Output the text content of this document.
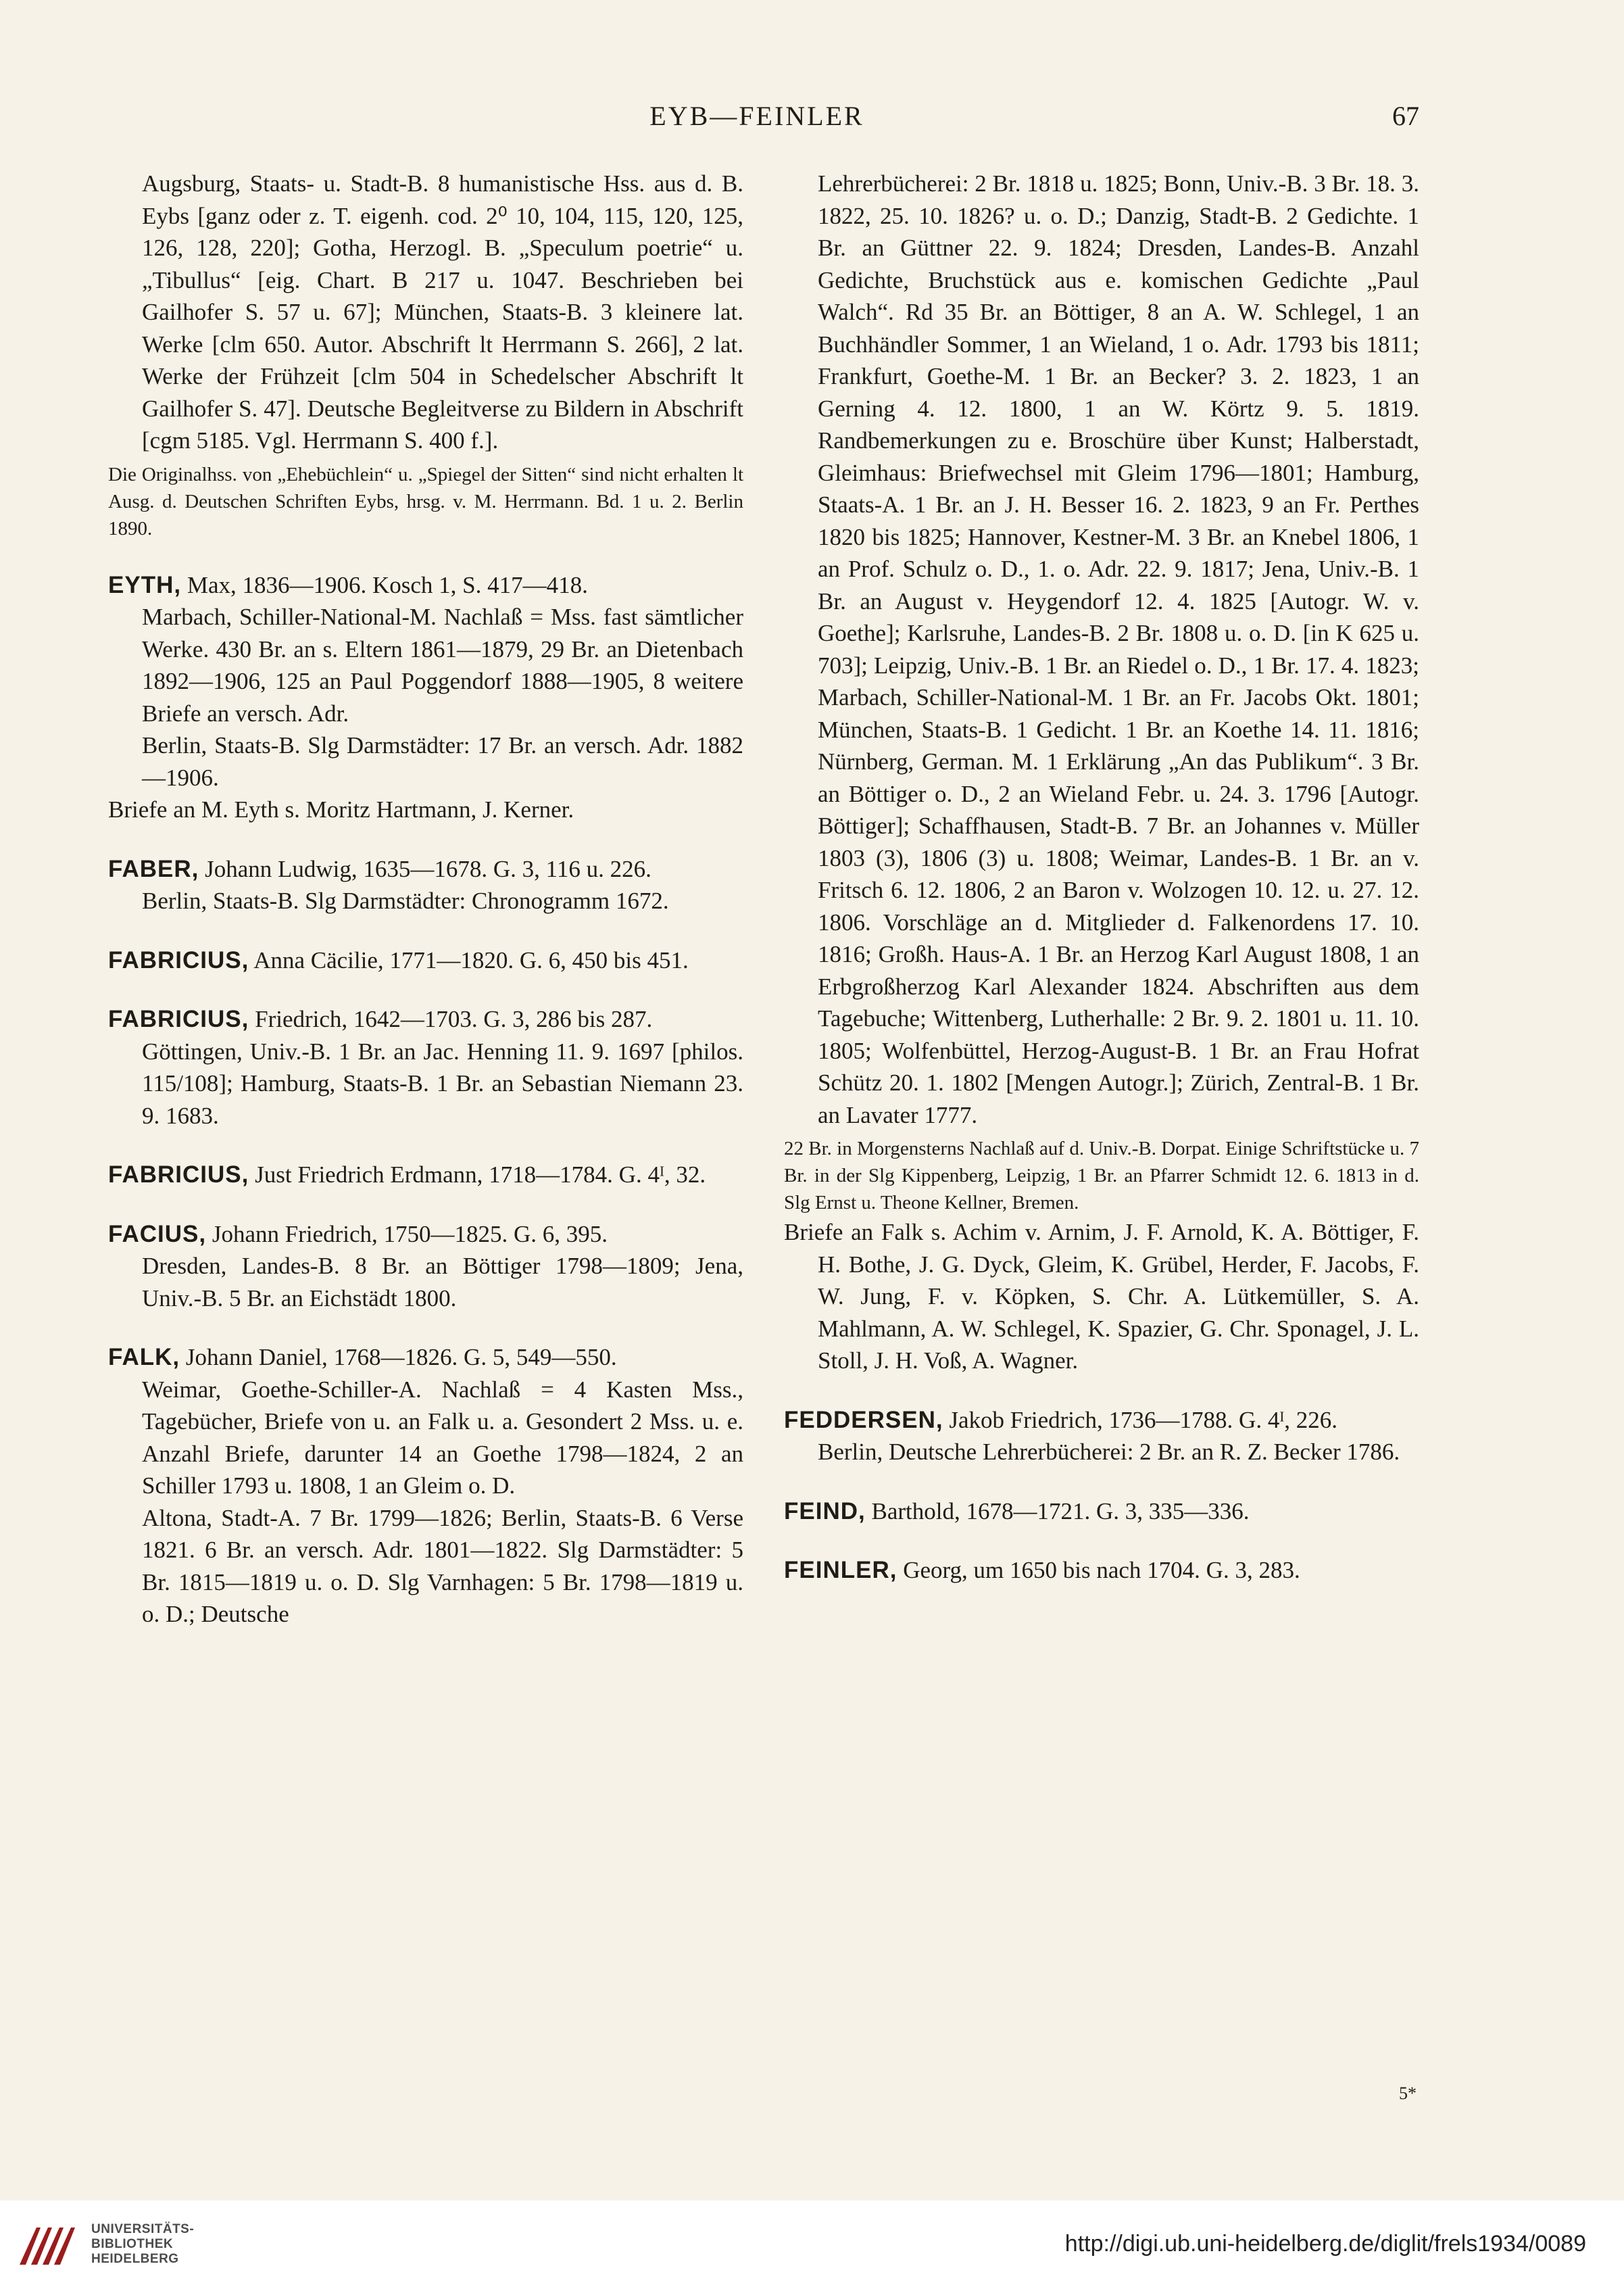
EYB—FEINLER	67

Augsburg, Staats- u. Stadt-B. 8 humanistische Hss. aus d. B. Eybs [ganz oder z. T. eigenh. cod. 2⁰ 10, 104, 115, 120, 125, 126, 128, 220]; Gotha, Herzogl. B. „Speculum poetrie“ u. „Tibullus“ [eig. Chart. B 217 u. 1047. Beschrieben bei Gailhofer S. 57 u. 67]; München, Staats-B. 3 kleinere lat. Werke [clm 650. Autor. Abschrift lt Herrmann S. 266], 2 lat. Werke der Frühzeit [clm 504 in Schedelscher Abschrift lt Gailhofer S. 47]. Deutsche Begleitverse zu Bildern in Abschrift [cgm 5185. Vgl. Herrmann S. 400 f.].

Die Originalhss. von „Ehebüchlein“ u. „Spiegel der Sitten“ sind nicht erhalten lt Ausg. d. Deutschen Schriften Eybs, hrsg. v. M. Herrmann. Bd. 1 u. 2. Berlin 1890.

EYTH, Max, 1836—1906. Kosch 1, S. 417—418.

Marbach, Schiller-National-M. Nachlaß = Mss. fast sämtlicher Werke. 430 Br. an s. Eltern 1861—1879, 29 Br. an Dietenbach 1892—1906, 125 an Paul Poggendorf 1888—1905, 8 weitere Briefe an versch. Adr.

Berlin, Staats-B. Slg Darmstädter: 17 Br. an versch. Adr. 1882—1906.

Briefe an M. Eyth s. Moritz Hartmann, J. Kerner.

FABER, Johann Ludwig, 1635—1678. G. 3, 116 u. 226.

Berlin, Staats-B. Slg Darmstädter: Chronogramm 1672.

FABRICIUS, Anna Cäcilie, 1771—1820. G. 6, 450 bis 451.

FABRICIUS, Friedrich, 1642—1703. G. 3, 286 bis 287.

Göttingen, Univ.-B. 1 Br. an Jac. Henning 11. 9. 1697 [philos. 115/108]; Hamburg, Staats-B. 1 Br. an Sebastian Niemann 23. 9. 1683.

FABRICIUS, Just Friedrich Erdmann, 1718—1784. G. 4ᴵ, 32.

FACIUS, Johann Friedrich, 1750—1825. G. 6, 395.

Dresden, Landes-B. 8 Br. an Böttiger 1798—1809; Jena, Univ.-B. 5 Br. an Eichstädt 1800.

FALK, Johann Daniel, 1768—1826. G. 5, 549—550.

Weimar, Goethe-Schiller-A. Nachlaß = 4 Kasten Mss., Tagebücher, Briefe von u. an Falk u. a. Gesondert 2 Mss. u. e. Anzahl Briefe, darunter 14 an Goethe 1798—1824, 2 an Schiller 1793 u. 1808, 1 an Gleim o. D.

Altona, Stadt-A. 7 Br. 1799—1826; Berlin, Staats-B. 6 Verse 1821. 6 Br. an versch. Adr. 1801—1822. Slg Darmstädter: 5 Br. 1815—1819 u. o. D. Slg Varnhagen: 5 Br. 1798—1819 u. o. D.; Deutsche

Lehrerbücherei: 2 Br. 1818 u. 1825; Bonn, Univ.-B. 3 Br. 18. 3. 1822, 25. 10. 1826? u. o. D.; Danzig, Stadt-B. 2 Gedichte. 1 Br. an Güttner 22. 9. 1824; Dresden, Landes-B. Anzahl Gedichte, Bruchstück aus e. komischen Gedichte „Paul Walch“. Rd 35 Br. an Böttiger, 8 an A. W. Schlegel, 1 an Buchhändler Sommer, 1 an Wieland, 1 o. Adr. 1793 bis 1811; Frankfurt, Goethe-M. 1 Br. an Becker? 3. 2. 1823, 1 an Gerning 4. 12. 1800, 1 an W. Körtz 9. 5. 1819. Randbemerkungen zu e. Broschüre über Kunst; Halberstadt, Gleimhaus: Briefwechsel mit Gleim 1796—1801; Hamburg, Staats-A. 1 Br. an J. H. Besser 16. 2. 1823, 9 an Fr. Perthes 1820 bis 1825; Hannover, Kestner-M. 3 Br. an Knebel 1806, 1 an Prof. Schulz o. D., 1. o. Adr. 22. 9. 1817; Jena, Univ.-B. 1 Br. an August v. Heygendorf 12. 4. 1825 [Autogr. W. v. Goethe]; Karlsruhe, Landes-B. 2 Br. 1808 u. o. D. [in K 625 u. 703]; Leipzig, Univ.-B. 1 Br. an Riedel o. D., 1 Br. 17. 4. 1823; Marbach, Schiller-National-M. 1 Br. an Fr. Jacobs Okt. 1801; München, Staats-B. 1 Gedicht. 1 Br. an Koethe 14. 11. 1816; Nürnberg, German. M. 1 Erklärung „An das Publikum“. 3 Br. an Böttiger o. D., 2 an Wieland Febr. u. 24. 3. 1796 [Autogr. Böttiger]; Schaffhausen, Stadt-B. 7 Br. an Johannes v. Müller 1803 (3), 1806 (3) u. 1808; Weimar, Landes-B. 1 Br. an v. Fritsch 6. 12. 1806, 2 an Baron v. Wolzogen 10. 12. u. 27. 12. 1806. Vorschläge an d. Mitglieder d. Falkenordens 17. 10. 1816; Großh. Haus-A. 1 Br. an Herzog Karl August 1808, 1 an Erbgroßherzog Karl Alexander 1824. Abschriften aus dem Tagebuche; Wittenberg, Lutherhalle: 2 Br. 9. 2. 1801 u. 11. 10. 1805; Wolfenbüttel, Herzog-August-B. 1 Br. an Frau Hofrat Schütz 20. 1. 1802 [Mengen Autogr.]; Zürich, Zentral-B. 1 Br. an Lavater 1777.

22 Br. in Morgensterns Nachlaß auf d. Univ.-B. Dorpat. Einige Schriftstücke u. 7 Br. in der Slg Kippenberg, Leipzig, 1 Br. an Pfarrer Schmidt 12. 6. 1813 in d. Slg Ernst u. Theone Kellner, Bremen.

Briefe an Falk s. Achim v. Arnim, J. F. Arnold, K. A. Böttiger, F. H. Bothe, J. G. Dyck, Gleim, K. Grübel, Herder, F. Jacobs, F. W. Jung, F. v. Köpken, S. Chr. A. Lütkemüller, S. A. Mahlmann, A. W. Schlegel, K. Spazier, G. Chr. Sponagel, J. L. Stoll, J. H. Voß, A. Wagner.

FEDDERSEN, Jakob Friedrich, 1736—1788. G. 4ᴵ, 226.

Berlin, Deutsche Lehrerbücherei: 2 Br. an R. Z. Becker 1786.

FEIND, Barthold, 1678—1721. G. 3, 335—336.

FEINLER, Georg, um 1650 bis nach 1704. G. 3, 283.

5*
UNIVERSITÄTS-
BIBLIOTHEK
HEIDELBERG
http://digi.ub.uni-heidelberg.de/diglit/frels1934/0089
